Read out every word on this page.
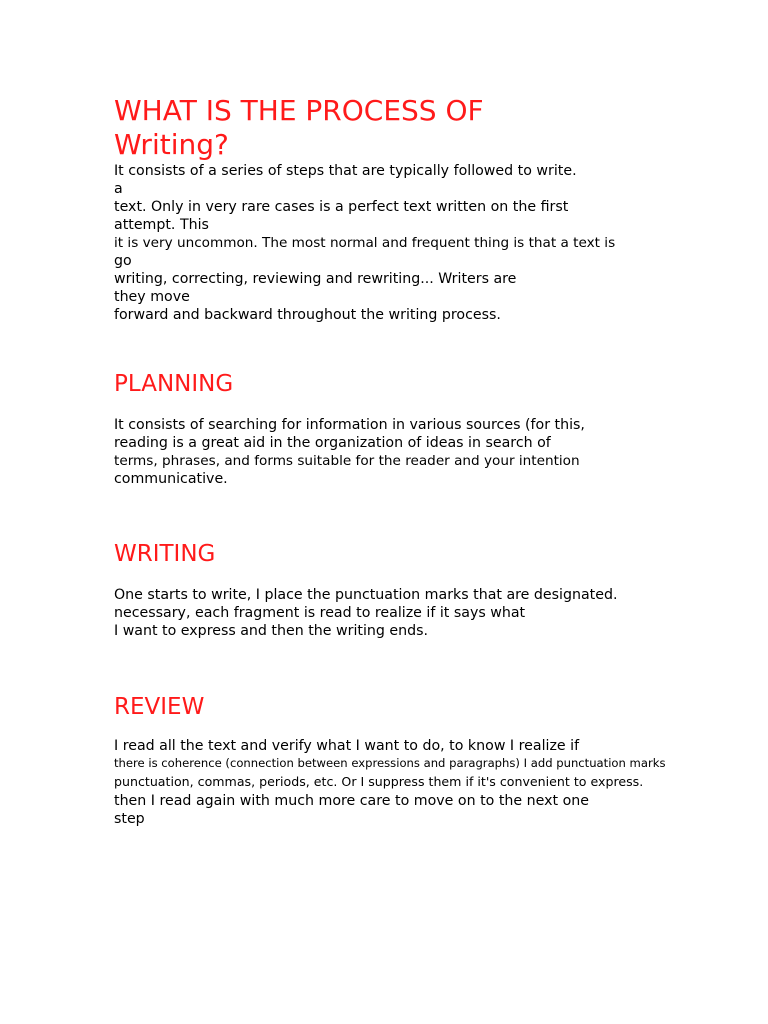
WHAT IS THE PROCESS OF
Writing?
It consists of a series of steps that are typically followed to write.
a
text. Only in very rare cases is a perfect text written on the first
attempt. This
it is very uncommon. The most normal and frequent thing is that a text is
go
writing, correcting, reviewing and rewriting... Writers are
they move
forward and backward throughout the writing process.
PLANNING
It consists of searching for information in various sources (for this,
reading is a great aid in the organization of ideas in search of
terms, phrases, and forms suitable for the reader and your intention
communicative.
WRITING
One starts to write, I place the punctuation marks that are designated.
necessary, each fragment is read to realize if it says what
I want to express and then the writing ends.
REVIEW
I read all the text and verify what I want to do, to know I realize if
there is coherence (connection between expressions and paragraphs) I add punctuation marks
punctuation, commas, periods, etc. Or I suppress them if it's convenient to express.
then I read again with much more care to move on to the next one
step
